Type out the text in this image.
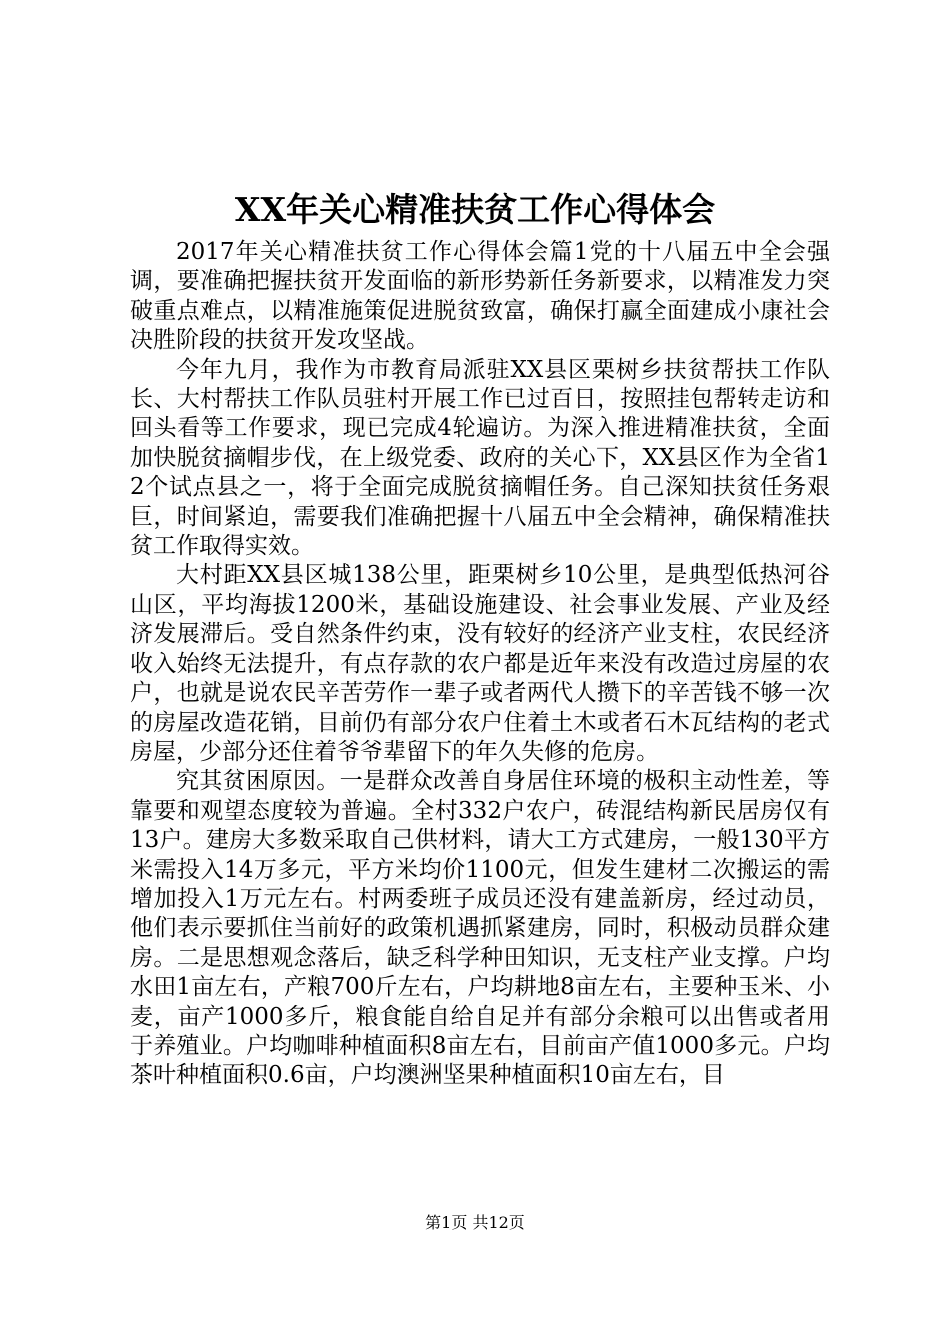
XX年关心精准扶贫工作心得体会

2017年关心精准扶贫工作心得体会篇1党的十八届五中全会强调，要准确把握扶贫开发面临的新形势新任务新要求，以精准发力突破重点难点，以精准施策促进脱贫致富，确保打赢全面建成小康社会决胜阶段的扶贫开发攻坚战。

今年九月，我作为市教育局派驻XX县区栗树乡扶贫帮扶工作队长、大村帮扶工作队员驻村开展工作已过百日，按照挂包帮转走访和回头看等工作要求，现已完成4轮遍访。为深入推进精准扶贫，全面加快脱贫摘帽步伐，在上级党委、政府的关心下，XX县区作为全省12个试点县之一，将于全面完成脱贫摘帽任务。自己深知扶贫任务艰巨，时间紧迫，需要我们准确把握十八届五中全会精神，确保精准扶贫工作取得实效。

大村距XX县区城138公里，距栗树乡10公里，是典型低热河谷山区，平均海拔1200米，基础设施建设、社会事业发展、产业及经济发展滞后。受自然条件约束，没有较好的经济产业支柱，农民经济收入始终无法提升，有点存款的农户都是近年来没有改造过房屋的农户，也就是说农民辛苦劳作一辈子或者两代人攒下的辛苦钱不够一次的房屋改造花销，目前仍有部分农户住着土木或者石木瓦结构的老式房屋，少部分还住着爷爷辈留下的年久失修的危房。

究其贫困原因。一是群众改善自身居住环境的极积主动性差，等靠要和观望态度较为普遍。全村332户农户，砖混结构新民居房仅有13户。建房大多数采取自己供材料，请大工方式建房，一般130平方米需投入14万多元，平方米均价1100元，但发生建材二次搬运的需增加投入1万元左右。村两委班子成员还没有建盖新房，经过动员，他们表示要抓住当前好的政策机遇抓紧建房，同时，积极动员群众建房。二是思想观念落后，缺乏科学种田知识，无支柱产业支撑。户均水田1亩左右，产粮700斤左右，户均耕地8亩左右，主要种玉米、小麦，亩产1000多斤，粮食能自给自足并有部分余粮可以出售或者用于养殖业。户均咖啡种植面积8亩左右，目前亩产值1000多元。户均茶叶种植面积0.6亩，户均澳洲坚果种植面积10亩左右，目

第1页 共12页
